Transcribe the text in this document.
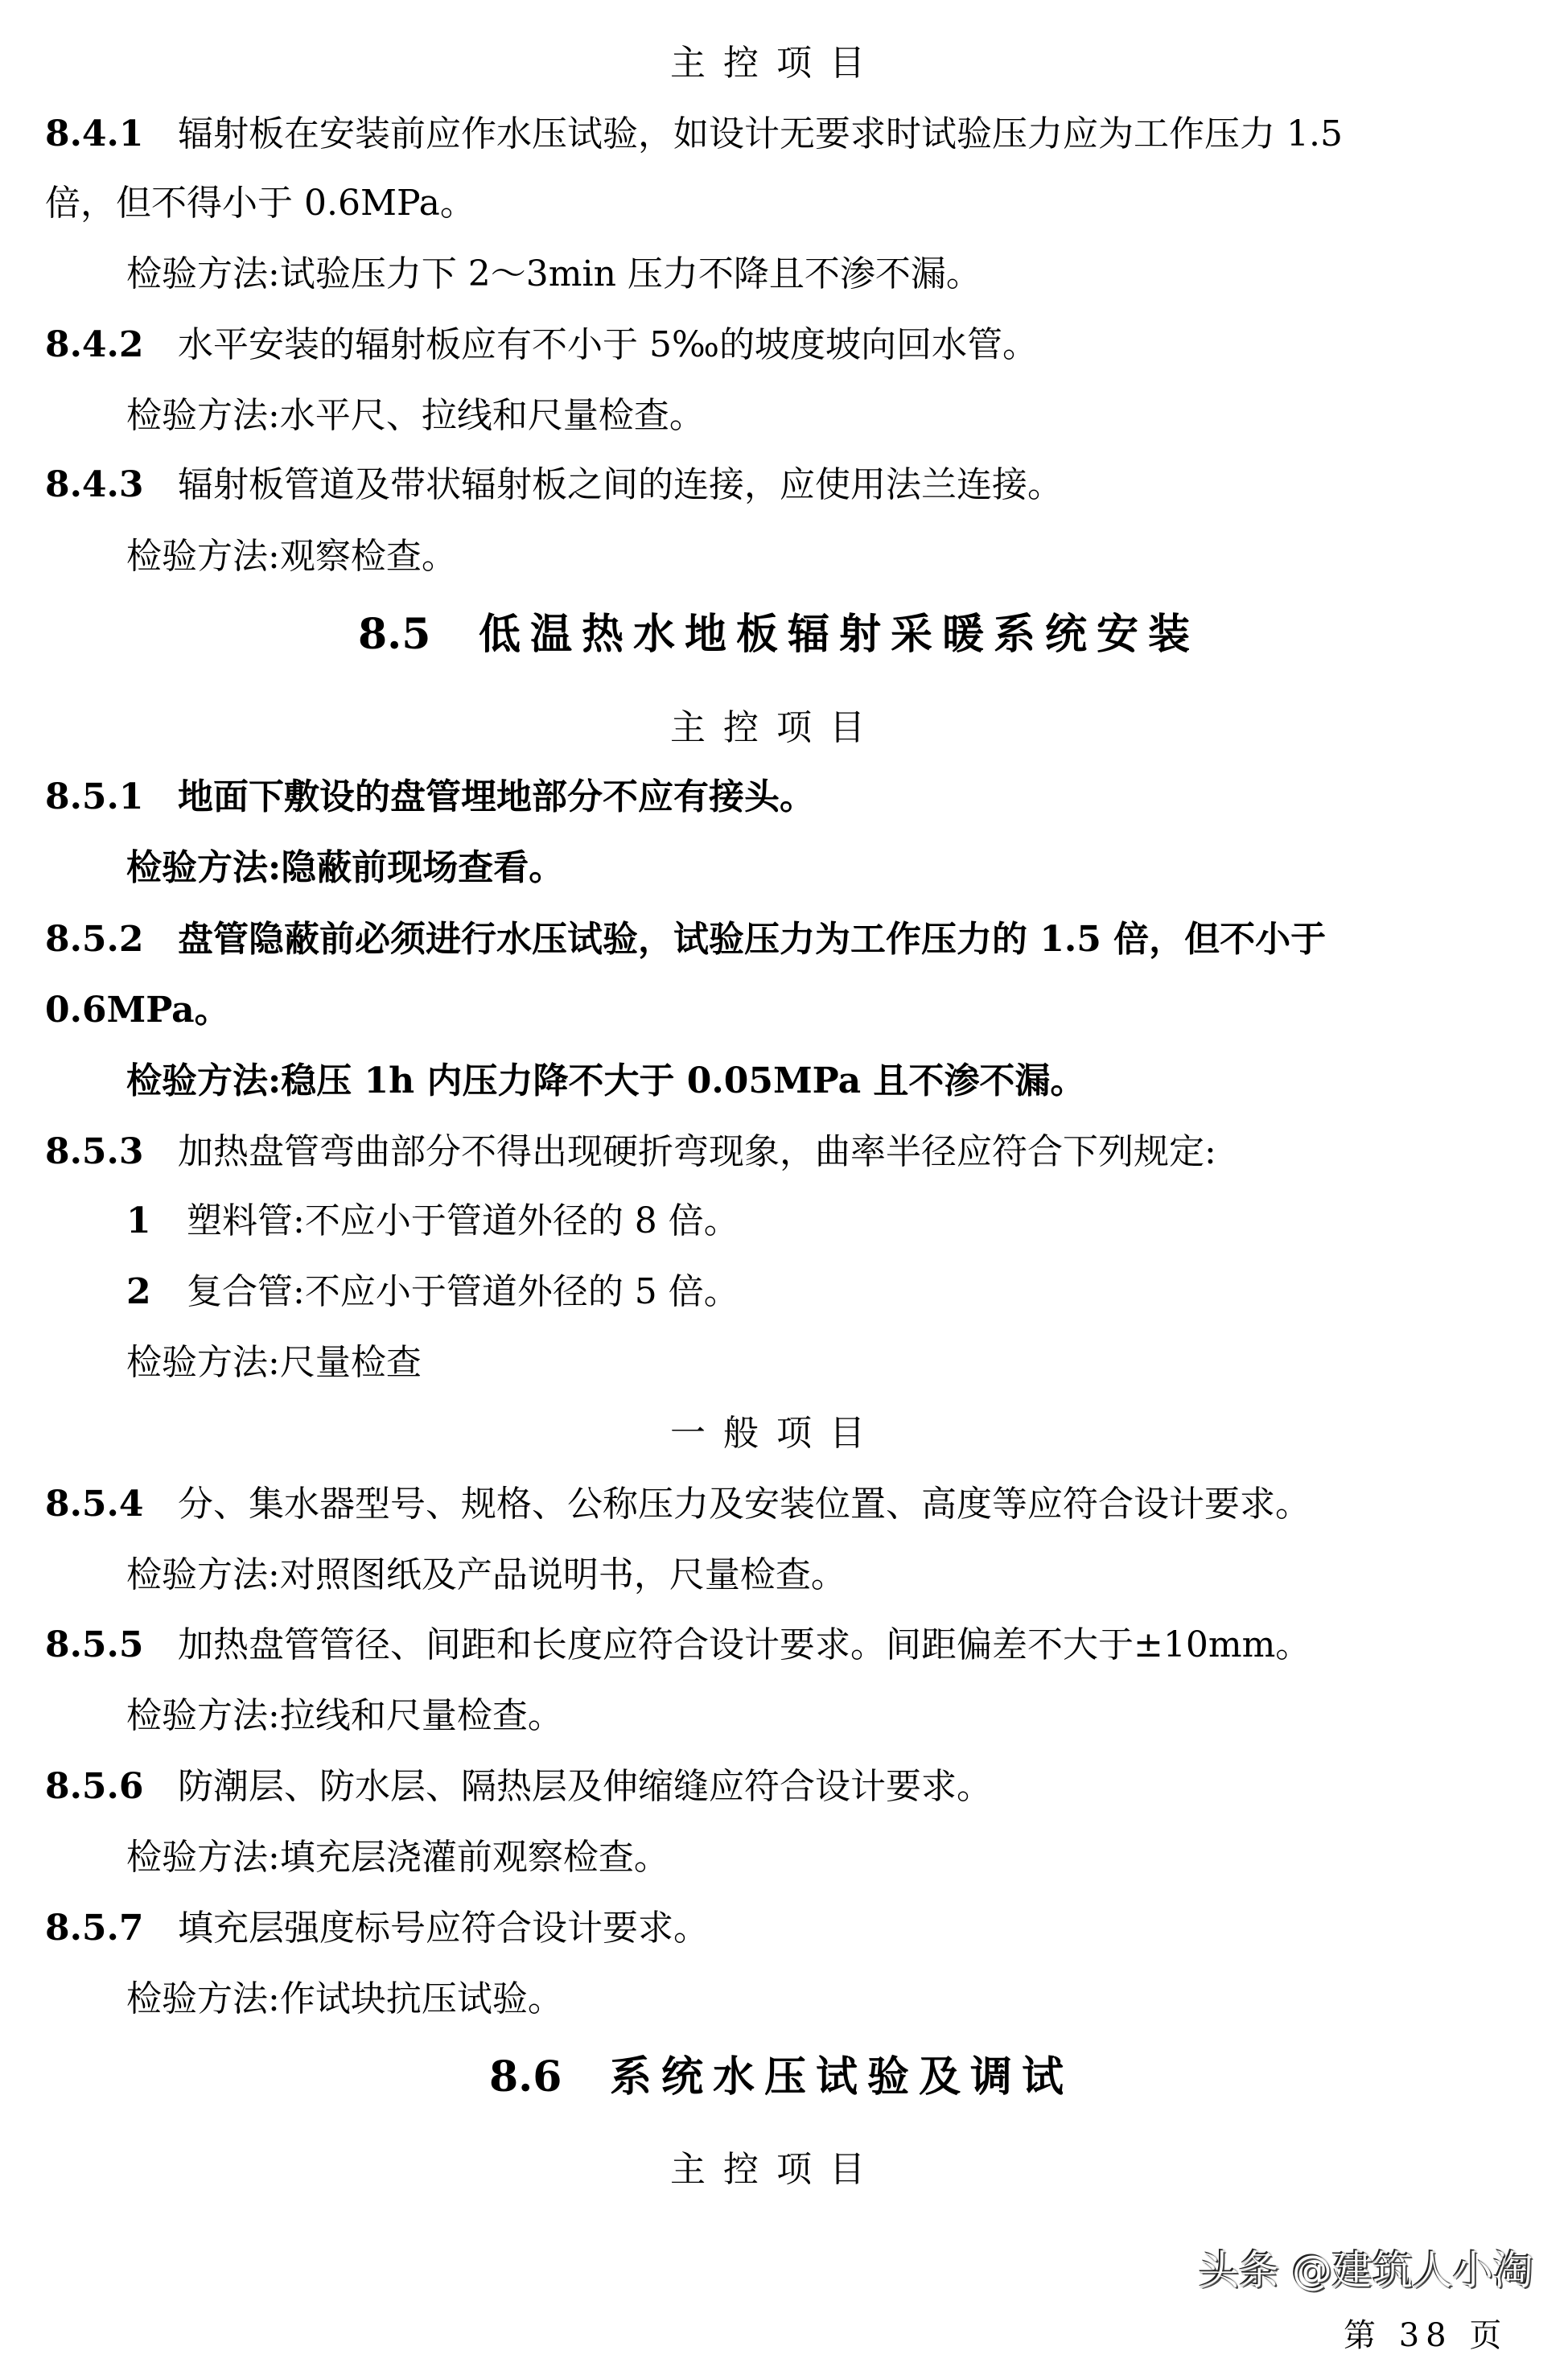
主控项目
8.4.1 辐射板在安装前应作水压试验，如设计无要求时试验压力应为工作压力 1.5
倍，但不得小于 0.6MPa。
检验方法:试验压力下 2～3min 压力不降且不渗不漏。
8.4.2 水平安装的辐射板应有不小于 5‰的坡度坡向回水管。
检验方法:水平尺、拉线和尺量检查。
8.4.3 辐射板管道及带状辐射板之间的连接，应使用法兰连接。
检验方法:观察检查。
8.5 低温热水地板辐射采暖系统安装
主控项目
8.5.1 地面下敷设的盘管埋地部分不应有接头。
检验方法:隐蔽前现场查看。
8.5.2 盘管隐蔽前必须进行水压试验，试验压力为工作压力的 1.5 倍，但不小于
0.6MPa。
检验方法:稳压 1h 内压力降不大于 0.05MPa 且不渗不漏。
8.5.3 加热盘管弯曲部分不得出现硬折弯现象，曲率半径应符合下列规定:
1 塑料管:不应小于管道外径的 8 倍。
2 复合管:不应小于管道外径的 5 倍。
检验方法:尺量检查
一般项目
8.5.4 分、集水器型号、规格、公称压力及安装位置、高度等应符合设计要求。
检验方法:对照图纸及产品说明书，尺量检查。
8.5.5 加热盘管管径、间距和长度应符合设计要求。间距偏差不大于±10mm。
检验方法:拉线和尺量检查。
8.5.6 防潮层、防水层、隔热层及伸缩缝应符合设计要求。
检验方法:填充层浇灌前观察检查。
8.5.7 填充层强度标号应符合设计要求。
检验方法:作试块抗压试验。
8.6 系统水压试验及调试
主控项目
头条 @建筑人小淘
第 38 页
